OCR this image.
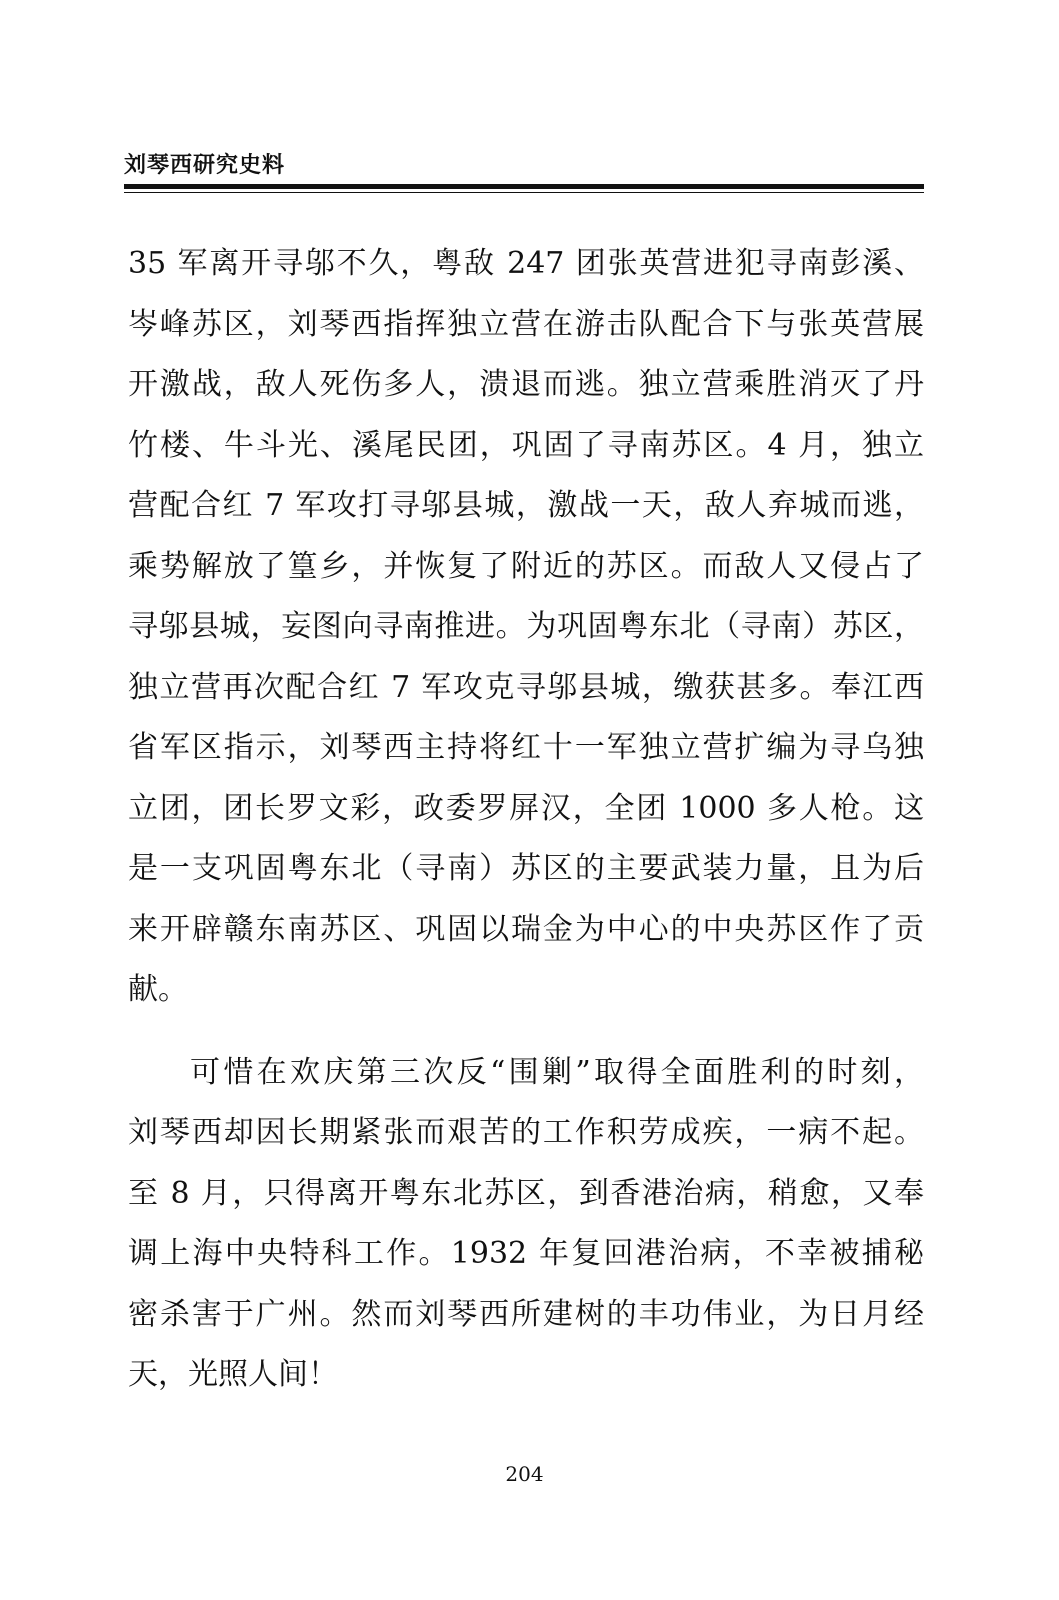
刘琴西研究史料
35 军离开寻邬不久，粤敌 247 团张英营进犯寻南彭溪、
岑峰苏区，刘琴西指挥独立营在游击队配合下与张英营展
开激战，敌人死伤多人，溃退而逃。独立营乘胜消灭了丹
竹楼、牛斗光、溪尾民团，巩固了寻南苏区。4 月，独立
营配合红 7 军攻打寻邬县城，激战一天，敌人弃城而逃，
乘势解放了篁乡，并恢复了附近的苏区。而敌人又侵占了
寻邬县城，妄图向寻南推进。为巩固粤东北（寻南）苏区，
独立营再次配合红 7 军攻克寻邬县城，缴获甚多。奉江西
省军区指示，刘琴西主持将红十一军独立营扩编为寻乌独
立团，团长罗文彩，政委罗屏汉，全团 1000 多人枪。这
是一支巩固粤东北（寻南）苏区的主要武装力量，且为后
来开辟赣东南苏区、巩固以瑞金为中心的中央苏区作了贡
献。
可惜在欢庆第三次反“围剿”取得全面胜利的时刻，
刘琴西却因长期紧张而艰苦的工作积劳成疾，一病不起。
至 8 月，只得离开粤东北苏区，到香港治病，稍愈，又奉
调上海中央特科工作。1932 年复回港治病，不幸被捕秘
密杀害于广州。然而刘琴西所建树的丰功伟业，为日月经
天，光照人间！
204
